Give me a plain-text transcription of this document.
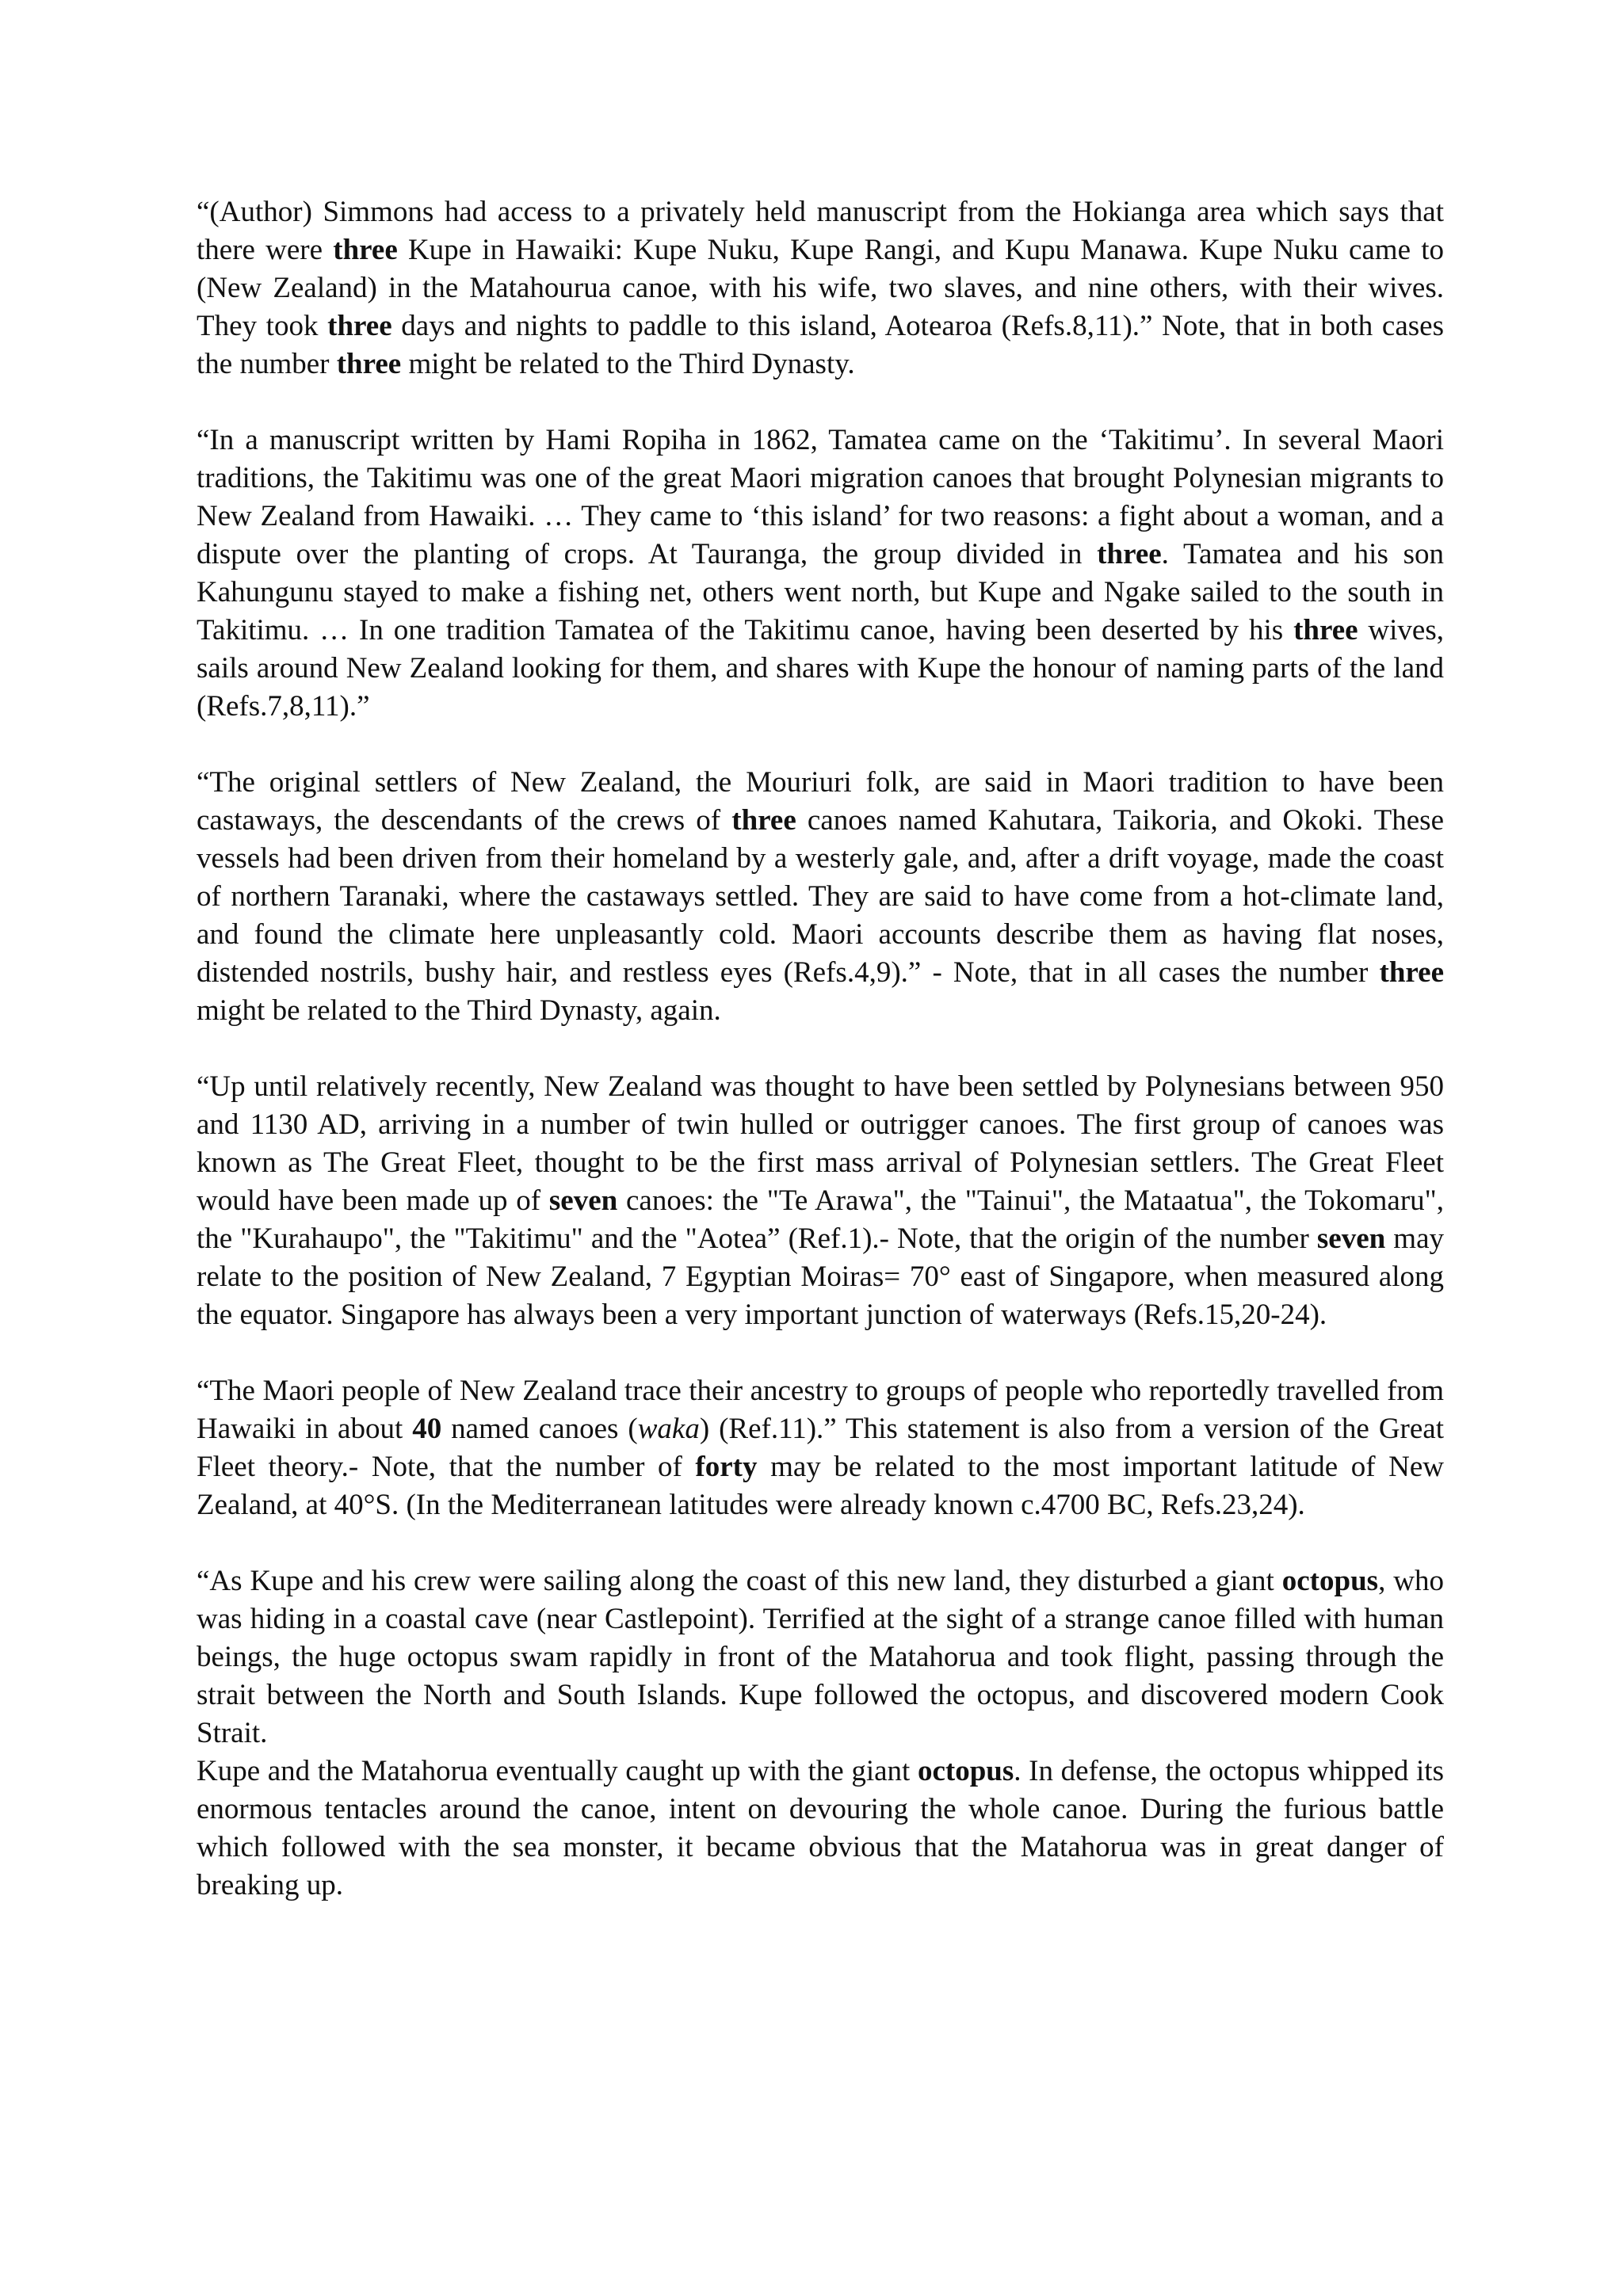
“(Author) Simmons had access to a privately held manuscript from the Hokianga area which says that there were three Kupe in Hawaiki: Kupe Nuku, Kupe Rangi, and Kupu Manawa. Kupe Nuku came to (New Zealand) in the Matahourua canoe, with his wife, two slaves, and nine others, with their wives. They took three days and nights to paddle to this island, Aotearoa (Refs.8,11).” Note, that in both cases the number three might be related to the Third Dynasty.

“In a manuscript written by Hami Ropiha in 1862, Tamatea came on the ‘Takitimu’. In several Maori traditions, the Takitimu was one of the great Maori migration canoes that brought Polynesian migrants to New Zealand from Hawaiki. … They came to ‘this island’ for two reasons: a fight about a woman, and a dispute over the planting of crops. At Tauranga, the group divided in three. Tamatea and his son Kahungunu stayed to make a fishing net, others went north, but Kupe and Ngake sailed to the south in Takitimu. … In one tradition Tamatea of the Takitimu canoe, having been deserted by his three wives, sails around New Zealand looking for them, and shares with Kupe the honour of naming parts of the land (Refs.7,8,11).”

“The original settlers of New Zealand, the Mouriuri folk, are said in Maori tradition to have been castaways, the descendants of the crews of three canoes named Kahutara, Taikoria, and Okoki. These vessels had been driven from their homeland by a westerly gale, and, after a drift voyage, made the coast of northern Taranaki, where the castaways settled. They are said to have come from a hot-climate land, and found the climate here unpleasantly cold. Maori accounts describe them as having flat noses, distended nostrils, bushy hair, and restless eyes (Refs.4,9).” - Note, that in all cases the number three might be related to the Third Dynasty, again.

“Up until relatively recently, New Zealand was thought to have been settled by Polynesians between 950 and 1130 AD, arriving in a number of twin hulled or outrigger canoes. The first group of canoes was known as The Great Fleet, thought to be the first mass arrival of Polynesian settlers. The Great Fleet would have been made up of seven canoes: the "Te Arawa", the "Tainui", the Mataatua", the Tokomaru", the "Kurahaupo", the "Takitimu" and the "Aotea” (Ref.1).- Note, that the origin of the number seven may relate to the position of New Zealand, 7 Egyptian Moiras= 70° east of Singapore, when measured along the equator. Singapore has always been a very important junction of waterways (Refs.15,20-24).

“The Maori people of New Zealand trace their ancestry to groups of people who reportedly travelled from Hawaiki in about 40 named canoes (waka) (Ref.11).” This statement is also from a version of the Great Fleet theory.- Note, that the number of forty may be related to the most important latitude of New Zealand, at 40°S. (In the Mediterranean latitudes were already known c.4700 BC, Refs.23,24).

“As Kupe and his crew were sailing along the coast of this new land, they disturbed a giant octopus, who was hiding in a coastal cave (near Castlepoint). Terrified at the sight of a strange canoe filled with human beings, the huge octopus swam rapidly in front of the Matahorua and took flight, passing through the strait between the North and South Islands. Kupe followed the octopus, and discovered modern Cook Strait.

Kupe and the Matahorua eventually caught up with the giant octopus. In defense, the octopus whipped its enormous tentacles around the canoe, intent on devouring the whole canoe. During the furious battle which followed with the sea monster, it became obvious that the Matahorua was in great danger of breaking up.
